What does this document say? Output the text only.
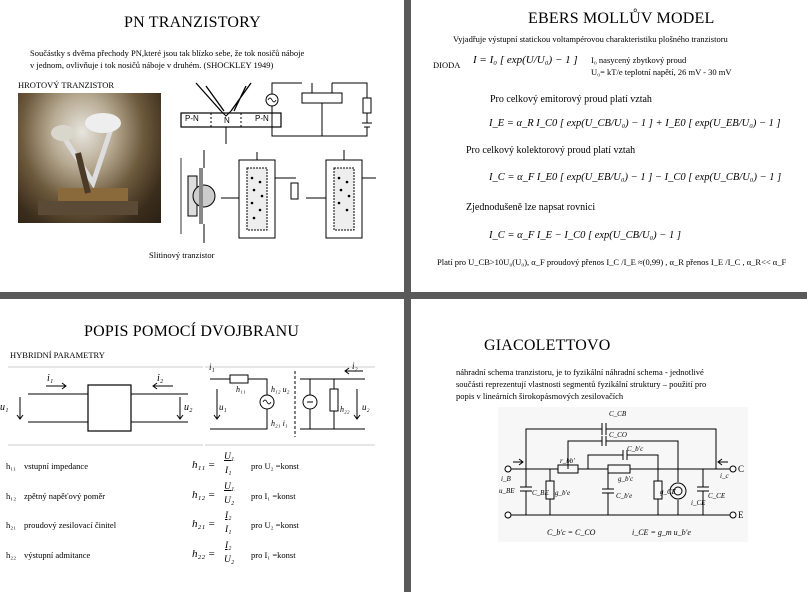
PN TRANZISTORY
Součástky s dvěma přechody PN,které jsou tak blízko sebe, že tok nosičů náboje
v jednom, ovlivňuje i tok nosičů náboje v druhém. (SHOCKLEY 1949)
HROTOVÝ TRANZISTOR
P-N	N	P-N
Slitinový tranzistor
EBERS MOLLŮV MODEL
Vyjadřuje výstupní statickou voltampérovou charakteristiku plošného tranzistoru
DIODA I = I₀ [ exp(U/U₀) − 1 ] I₀ nasycený zbytkový proud
U₀= kT/e teplotní napětí, 26 mV - 30 mV
Pro celkový emitorový proud platí vztah
I_E = α_R I_C0 [ exp(U_CB/U₀) − 1 ] + I_E0 [ exp(U_EB/U₀) − 1 ]
Pro celkový kolektorový proud platí vztah
I_C = α_F I_E0 [ exp(U_EB/U₀) − 1 ] − I_C0 [ exp(U_CB/U₀) − 1 ]
Zjednodušeně lze napsat rovnici
I_C = α_F I_E − I_C0 [ exp(U_CB/U₀) − 1 ]
Platí pro U_CB>10U₀(U₀), α_F proudový přenos I_C /I_E ≈(0,99) , α_R přenos I_E /I_C , α_R<< α_F
POPIS POMOCÍ DVOJBRANU
HYBRIDNÍ PARAMETRY
i₁	i₂
u₁	u₂
i₁	i₂
u₁	u₂
h₁₁	h₁₂ u₂
h₂₁ i₁
h₂₂
h₁₁ vstupní impedance	h₁₁ =
U₁
I₁ pro U₂ =konst
h₁₂ zpětný napěťový poměr	h₁₂ =
U₁
U₂ pro I₁ =konst
h₂₁ proudový zesilovací činitel	h₂₁ =
I₂
I₁ pro U₂ =konst
h₂₂ výstupní admitance	h₂₂ =
I₂
U₂ pro I₁ =konst
GIACOLETTOVO
náhradní schema tranzistoru, je to fyzikální náhradní schema - jednotlivé
součásti reprezentují vlastnosti segmentů fyzikální struktury – použití pro
popis v lineárních širokopásmových zesilovačích
C_CB
C_CO
C_b'c
r_bb'
g_b'c
i_B	i_c
u_BE C_BE g_b'e	C_b'e	g_CE
i_CE
C_CE
C
E
C_b'c = C_CO	i_CE = g_m u_b'e
